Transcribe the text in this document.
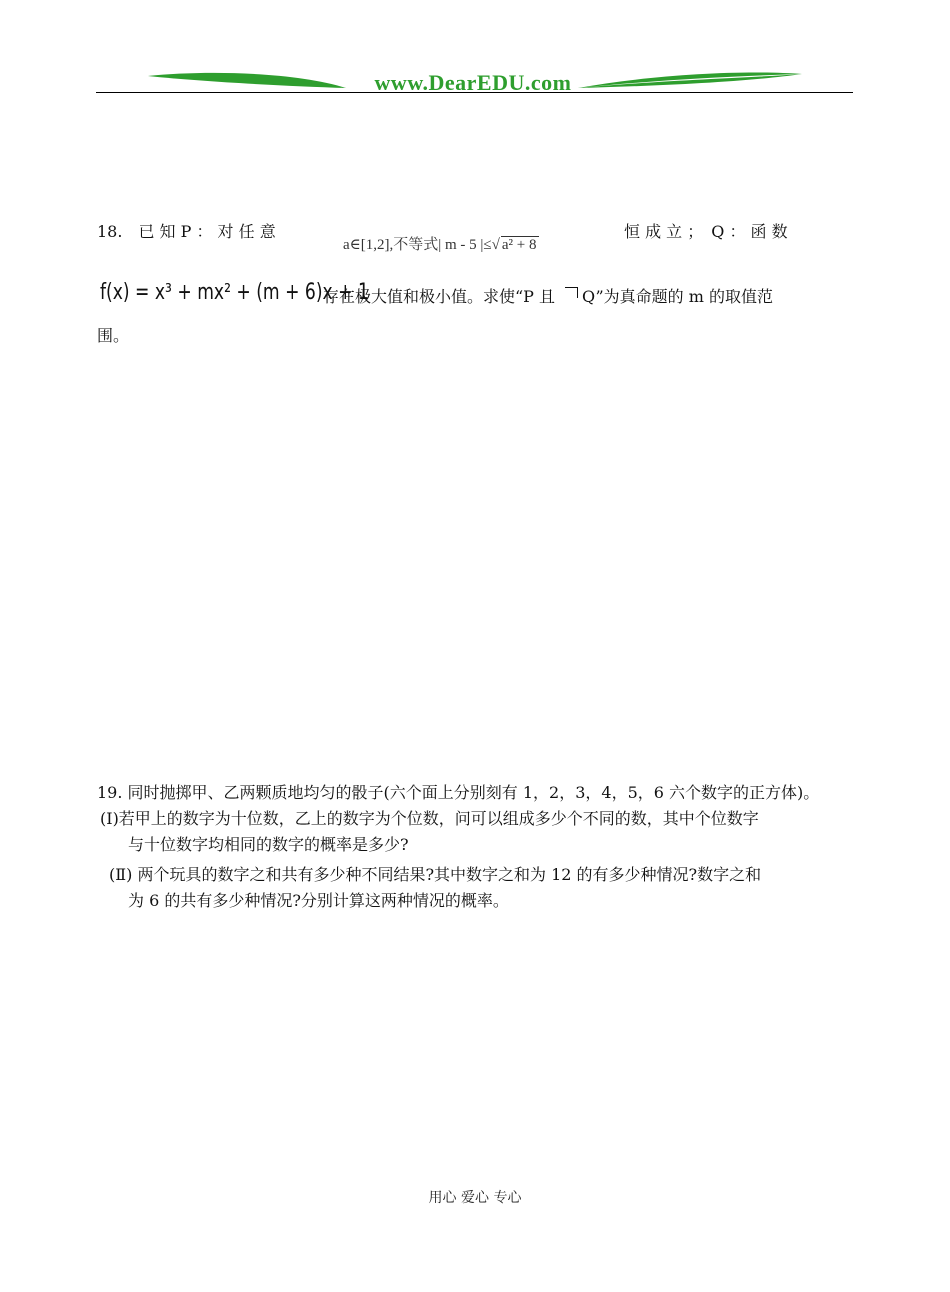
www.DearEDU.com
18.　已 知 P ： 对 任 意
a∈[1,2],不等式| m - 5 |≤√ a² + 8
恒 成 立 ；　Q ： 函 数
f(x) = x³ + mx² + (m + 6)x + 1
存在极大值和极小值。求使“P 且 Q”为真命题的 m 的取值范
围。
19. 同时抛掷甲、乙两颗质地均匀的骰子(六个面上分别刻有 1，2，3，4，5，6 六个数字的正方体)。
(Ⅰ)若甲上的数字为十位数，乙上的数字为个位数，问可以组成多少个不同的数，其中个位数字
与十位数字均相同的数字的概率是多少?
(Ⅱ) 两个玩具的数字之和共有多少种不同结果?其中数字之和为 12 的有多少种情况?数字之和
为 6 的共有多少种情况?分别计算这两种情况的概率。
用心 爱心 专心
